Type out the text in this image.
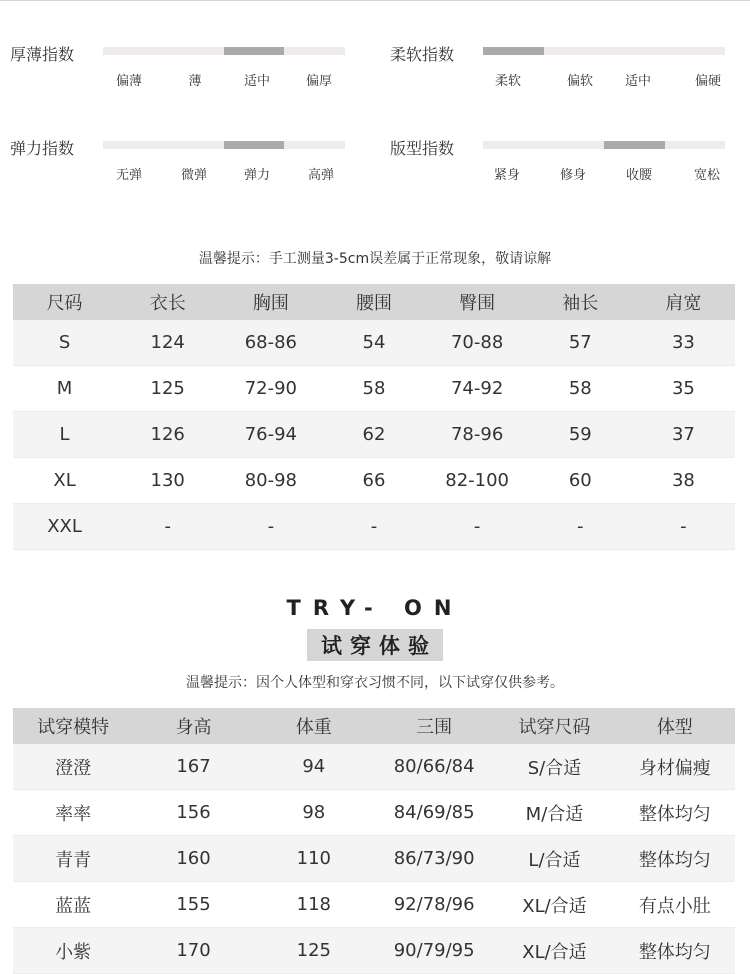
厚薄指数
偏薄	薄	适中	偏厚
柔软指数
柔软	偏软 适中	偏硬
弹力指数
无弹	微弹	弹力	高弹
版型指数
紧身	修身	收腰	宽松
温馨提示：手工测量3-5cm误差属于正常现象，敬请谅解
尺码	衣长	胸围	腰围	臀围	袖长	肩宽
S	124	68-86	54	70-88	57	33
M	125	72-90	58	74-92	58	35
L	126	76-94	62	78-96	59	37
XL	130	80-98	66	82-100	60	38
XXL	-	-	-	-	-	-
TRY- ON
试穿体验
温馨提示：因个人体型和穿衣习惯不同，以下试穿仅供参考。
试穿模特	身高	体重	三围	试穿尺码	体型
澄澄	167	94	80/66/84	S/合适	身材偏瘦
率率	156	98	84/69/85	M/合适	整体均匀
青青	160	110	86/73/90	L/合适	整体均匀
蓝蓝	155	118	92/78/96	XL/合适	有点小肚
小紫	170	125	90/79/95	XL/合适	整体均匀
